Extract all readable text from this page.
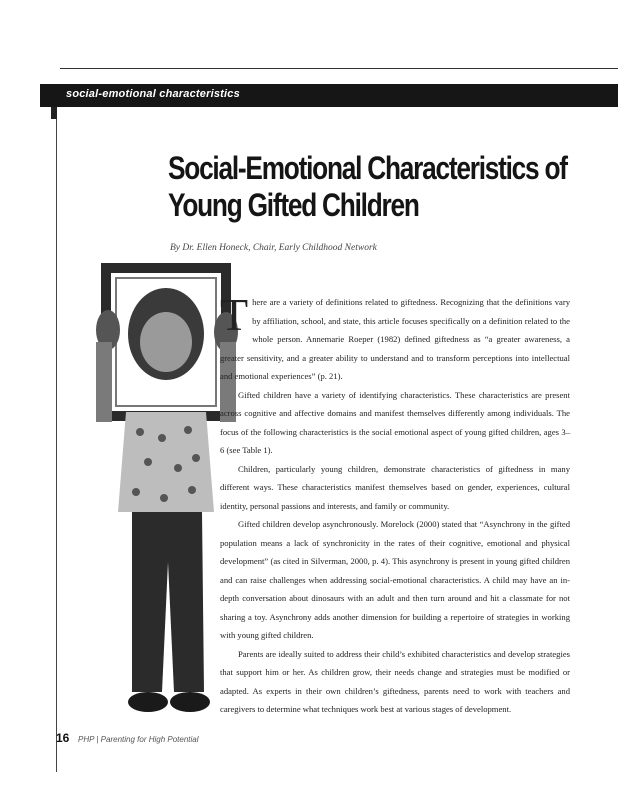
social-emotional characteristics
Social-Emotional Characteristics of
Young Gifted Children
By Dr. Ellen Honeck, Chair, Early Childhood Network

There are a variety of definitions related to giftedness. Recognizing that the definitions vary by affiliation, school, and state, this article focuses specifically on a definition related to the whole person. Annemarie Roeper (1982) defined giftedness as “a greater awareness, a greater sensitivity, and a greater ability to understand and to transform perceptions into intellectual and emotional experiences” (p. 21).

Gifted children have a variety of identifying characteristics. These characteristics are present across cognitive and affective domains and manifest themselves differently among individuals. The focus of the following characteristics is the social emotional aspect of young gifted children, ages 3–6 (see Table 1).

Children, particularly young children, demonstrate characteristics of giftedness in many different ways. These characteristics manifest themselves based on gender, experiences, cultural identity, personal passions and interests, and family or community.

Gifted children develop asynchronously. Morelock (2000) stated that “Asynchrony in the gifted population means a lack of synchronicity in the rates of their cognitive, emotional and physical development” (as cited in Silverman, 2000, p. 4). This asynchrony is present in young gifted children and can raise challenges when addressing social-emotional characteristics. A child may have an in-depth conversation about dinosaurs with an adult and then turn around and hit a classmate for not sharing a toy. Asynchrony adds another dimension for building a repertoire of strategies in working with young gifted children.

Parents are ideally suited to address their child’s exhibited characteristics and develop strategies that support him or her. As children grow, their needs change and strategies must be modified or adapted. As experts in their own children’s giftedness, parents need to work with teachers and caregivers to determine what techniques work best at various stages of development.

16 PHP | Parenting for High Potential
